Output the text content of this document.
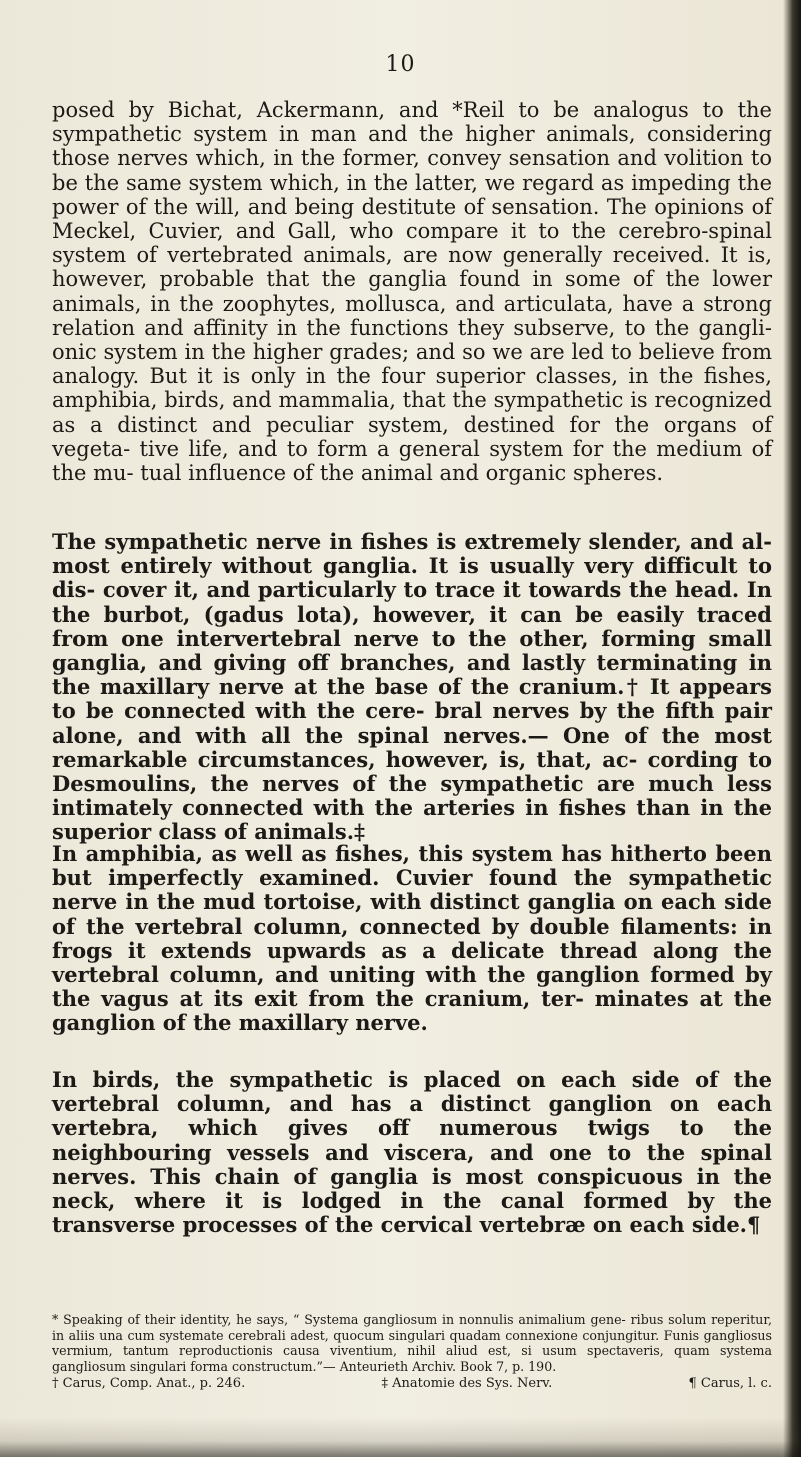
10

posed by Bichat, Ackermann, and *Reil to be analogus to the sympathetic system in man and the higher animals, considering those nerves which, in the former, convey sensation and volition to be the same system which, in the latter, we regard as impeding the power of the will, and being destitute of sensation. The opinions of Meckel, Cuvier, and Gall, who compare it to the cerebro-spinal system of vertebrated animals, are now generally received. It is, however, probable that the ganglia found in some of the lower animals, in the zoophytes, mollusca, and articulata, have a strong relation and affinity in the functions they subserve, to the gangli- onic system in the higher grades; and so we are led to believe from analogy. But it is only in the four superior classes, in the fishes, amphibia, birds, and mammalia, that the sympathetic is recognized as a distinct and peculiar system, destined for the organs of vegeta- tive life, and to form a general system for the medium of the mu- tual influence of the animal and organic spheres.

The sympathetic nerve in fishes is extremely slender, and al- most entirely without ganglia. It is usually very difficult to dis- cover it, and particularly to trace it towards the head. In the burbot, (gadus lota), however, it can be easily traced from one intervertebral nerve to the other, forming small ganglia, and giving off branches, and lastly terminating in the maxillary nerve at the base of the cranium.† It appears to be connected with the cere- bral nerves by the fifth pair alone, and with all the spinal nerves.— One of the most remarkable circumstances, however, is, that, ac- cording to Desmoulins, the nerves of the sympathetic are much less intimately connected with the arteries in fishes than in the superior class of animals.‡

In amphibia, as well as fishes, this system has hitherto been but imperfectly examined. Cuvier found the sympathetic nerve in the mud tortoise, with distinct ganglia on each side of the vertebral column, connected by double filaments: in frogs it extends upwards as a delicate thread along the vertebral column, and uniting with the ganglion formed by the vagus at its exit from the cranium, ter- minates at the ganglion of the maxillary nerve.

In birds, the sympathetic is placed on each side of the vertebral column, and has a distinct ganglion on each vertebra, which gives off numerous twigs to the neighbouring vessels and viscera, and one to the spinal nerves. This chain of ganglia is most conspicuous in the neck, where it is lodged in the canal formed by the transverse processes of the cervical vertebræ on each side.¶

* Speaking of their identity, he says, “ Systema gangliosum in nonnulis animalium gene- ribus solum reperitur, in aliis una cum systemate cerebrali adest, quocum singulari quadam connexione conjungitur. Funis gangliosus vermium, tantum reproductionis causa viventium, nihil aliud est, si usum spectaveris, quam systema gangliosum singulari forma constructum.”— Anteurieth Archiv. Book 7, p. 190.
† Carus, Comp. Anat., p. 246.	‡ Anatomie des Sys. Nerv.	¶ Carus, l. c.
